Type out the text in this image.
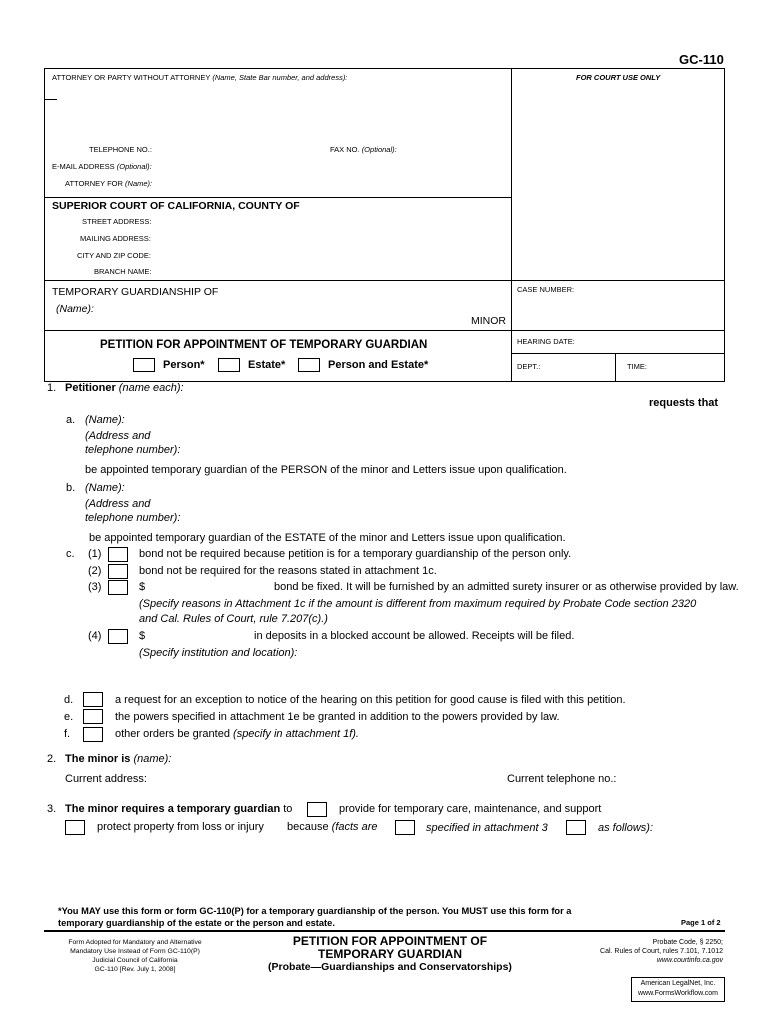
GC-110
ATTORNEY OR PARTY WITHOUT ATTORNEY (Name, State Bar number, and address):	FOR COURT USE ONLY
TELEPHONE NO.:	FAX NO. (Optional):
E-MAIL ADDRESS (Optional):
ATTORNEY FOR (Name):
SUPERIOR COURT OF CALIFORNIA, COUNTY OF
STREET ADDRESS:
MAILING ADDRESS:
CITY AND ZIP CODE:
BRANCH NAME:
TEMPORARY GUARDIANSHIP OF
(Name):
MINOR
CASE NUMBER:
PETITION FOR APPOINTMENT OF TEMPORARY GUARDIAN	HEARING DATE:
DEPT.:	TIME:
Person*	Estate*	Person and Estate*
1. Petitioner (name each):
requests that
a. (Name):
(Address and
telephone number):
be appointed temporary guardian of the PERSON of the minor and Letters issue upon qualification.
b. (Name):
(Address and
telephone number):
be appointed temporary guardian of the ESTATE of the minor and Letters issue upon qualification.
c. (1)	bond not be required because petition is for a temporary guardianship of the person only.
(2)	bond not be required for the reasons stated in attachment 1c.
(3)	$	bond be fixed. It will be furnished by an admitted surety insurer or as otherwise provided by law.
(Specify reasons in Attachment 1c if the amount is different from maximum required by Probate Code section 2320
and Cal. Rules of Court, rule 7.207(c).)
(4)	$	in deposits in a blocked account be allowed. Receipts will be filed.
(Specify institution and location):
d.	a request for an exception to notice of the hearing on this petition for good cause is filed with this petition.
e.	the powers specified in attachment 1e be granted in addition to the powers provided by law.
f.	other orders be granted (specify in attachment 1f).
2. The minor is (name):
Current address:	Current telephone no.:
3. The minor requires a temporary guardian to	provide for temporary care, maintenance, and support
protect property from loss or injury because (facts are	specified in attachment 3	as follows):
*You MAY use this form or form GC-110(P) for a temporary guardianship of the person. You MUST use this form for a
temporary guardianship of the estate or the person and estate.	Page 1 of 2
Form Adopted for Mandatory and Alternative
Mandatory Use Instead of Form GC-110(P)
Judicial Council of California
GC-110 [Rev. July 1, 2008]
PETITION FOR APPOINTMENT OF
TEMPORARY GUARDIAN
(Probate—Guardianships and Conservatorships)
Probate Code, § 2250;
Cal. Rules of Court, rules 7.101, 7.1012
www.courtinfo.ca.gov
American LegalNet, Inc.
www.FormsWorkflow.com
